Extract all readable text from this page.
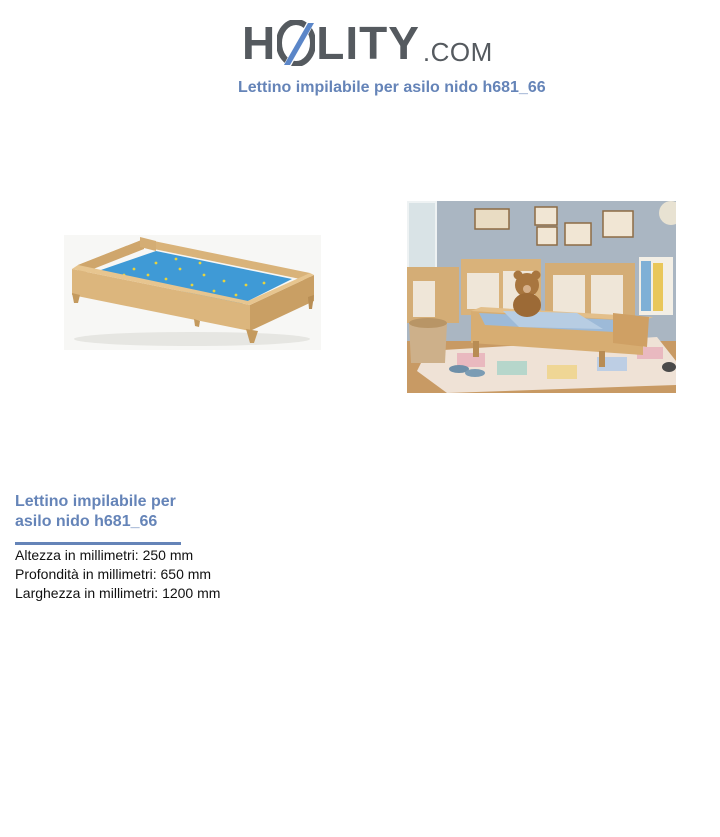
H LITY .COM
Lettino impilabile per asilo nido h681_66
Lettino impilabile per asilo nido h681_66
Altezza in millimetri: 250 mm
Profondità in millimetri: 650 mm
Larghezza in millimetri: 1200 mm
